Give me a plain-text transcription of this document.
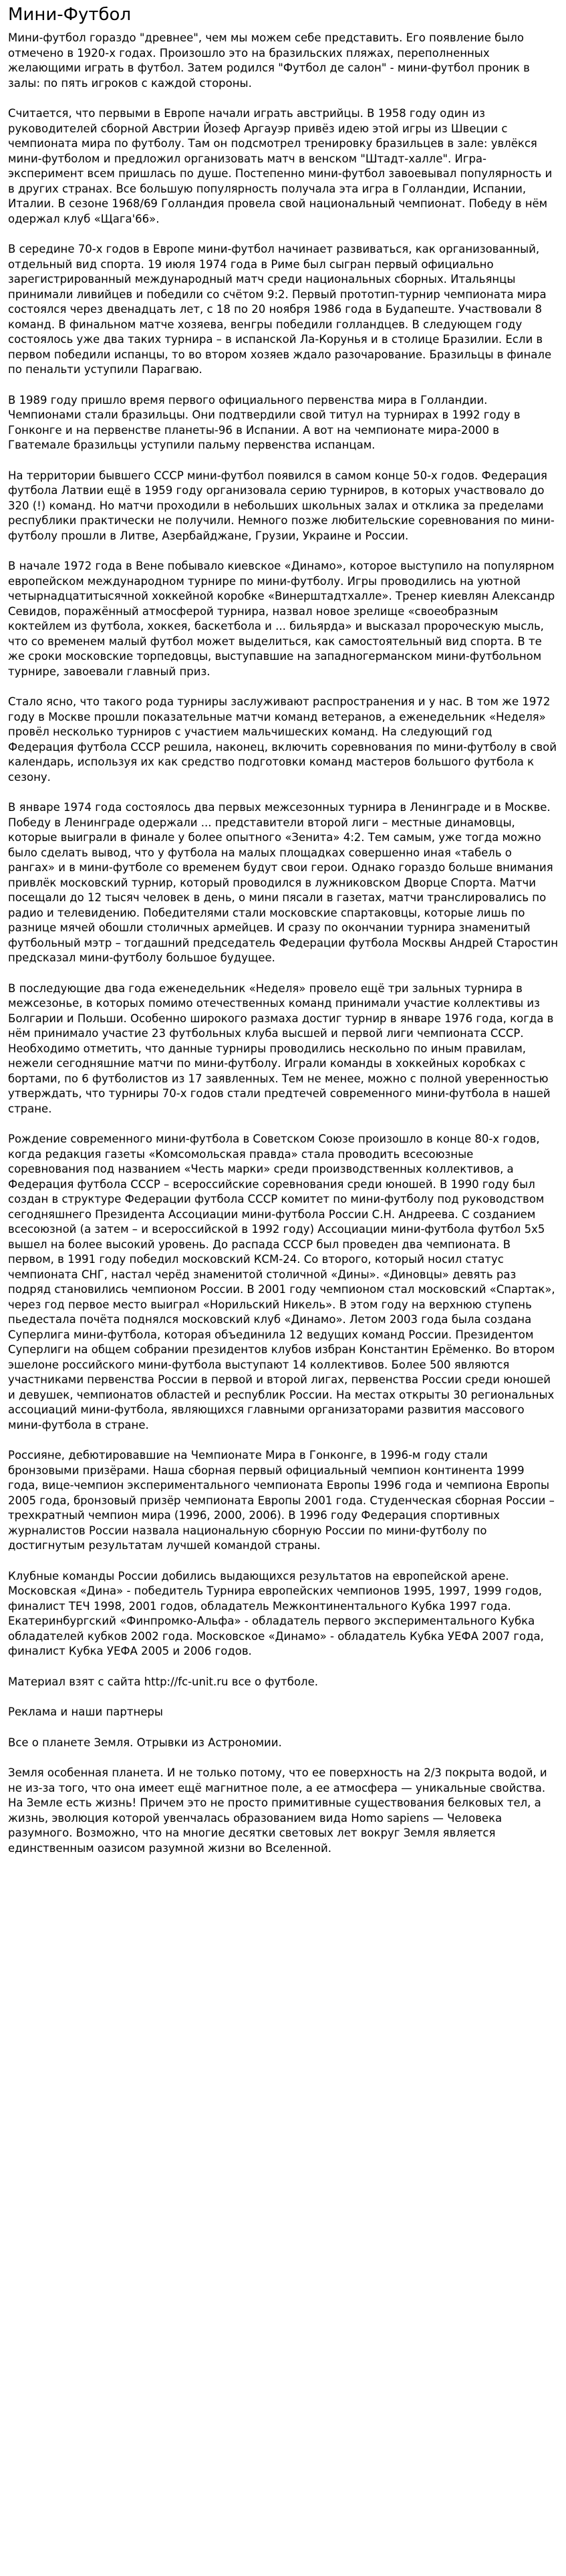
Мини-Футбол

Мини-футбол гораздо "древнее", чем мы можем себе представить. Его появление было отмечено в 1920-х годах. Произошло это на бразильских пляжах, переполненных желающими играть в футбол. Затем родился "Футбол де салон" - мини-футбол проник в залы: по пять игроков с каждой стороны.

Считается, что первыми в Европе начали играть австрийцы. В 1958 году один из руководителей сборной Австрии Йозеф Аргауэр привёз идею этой игры из Швеции с чемпионата мира по футболу. Там он подсмотрел тренировку бразильцев в зале: увлёкся мини-футболом и предложил организовать матч в венском "Штадт-халле". Игра-эксперимент всем пришлась по душе. Постепенно мини-футбол завоевывал популярность и в других странах. Все большую популярность получала эта игра в Голландии, Испании, Италии. В сезоне 1968/69 Голландия провела свой национальный чемпионат. Победу в нём одержал клуб «Щага'66».

В середине 70-х годов в Европе мини-футбол начинает развиваться, как организованный, отдельный вид спорта. 19 июля 1974 года в Риме был сыгран первый официально зарегистрированный международный матч среди национальных сборных. Итальянцы принимали ливийцев и победили со счётом 9:2. Первый прототип-турнир чемпионата мира состоялся через двенадцать лет, с 18 по 20 ноября 1986 года в Будапеште. Участвовали 8 команд. В финальном матче хозяева, венгры победили голландцев. В следующем году состоялось уже два таких турнира – в испанской Ла-Корунья и в столице Бразилии. Если в первом победили испанцы, то во втором хозяев ждало разочарование. Бразильцы в финале по пенальти уступили Парагваю.

В 1989 году пришло время первого официального первенства мира в Голландии. Чемпионами стали бразильцы. Они подтвердили свой титул на турнирах в 1992 году в Гонконге и на первенстве планеты-96 в Испании. А вот на чемпионате мира-2000 в Гватемале бразильцы уступили пальму первенства испанцам.

На территории бывшего СССР мини-футбол появился в самом конце 50-х годов. Федерация футбола Латвии ещё в 1959 году организовала серию турниров, в которых участвовало до 320 (!) команд. Но матчи проходили в небольших школьных залах и отклика за пределами республики практически не получили. Немного позже любительские соревнования по мини-футболу прошли в Литве, Азербайджане, Грузии, Украине и России.

В начале 1972 года в Вене побывало киевское «Динамо», которое выступило на популярном европейском международном турнире по мини-футболу. Игры проводились на уютной четырнадцатитысячной хоккейной коробке «Винерштадтхалле». Тренер киевлян Александр Севидов, поражённый атмосферой турнира, назвал новое зрелище «своеобразным коктейлем из футбола, хоккея, баскетбола и ... бильярда» и высказал пророческую мысль, что со временем малый футбол может выделиться, как самостоятельный вид спорта. В те же сроки московские торпедовцы, выступавшие на западногерманском мини-футбольном турнире, завоевали главный приз.

Стало ясно, что такого рода турниры заслуживают распространения и у нас. В том же 1972 году в Москве прошли показательные матчи команд ветеранов, а еженедельник «Неделя» провёл несколько турниров с участием мальчишеских команд. На следующий год Федерация футбола СССР решила, наконец, включить соревнования по мини-футболу в свой календарь, используя их как средство подготовки команд мастеров большого футбола к сезону.

В январе 1974 года состоялось два первых межсезонных турнира в Ленинграде и в Москве. Победу в Ленинграде одержали ... представители второй лиги – местные динамовцы, которые выиграли в финале у более опытного «Зенита» 4:2. Тем самым, уже тогда можно было сделать вывод, что у футбола на малых площадках совершенно иная «табель о рангах» и в мини-футболе со временем будут свои герои. Однако гораздо больше внимания привлёк московский турнир, который проводился в лужниковском Дворце Спорта. Матчи посещали до 12 тысяч человек в день, о мини пясали в газетах, матчи транслировались по радио и телевидению. Победителями стали московские спартаковцы, которые лишь по разнице мячей обошли столичных армейцев. И сразу по окончании турнира знаменитый футбольный мэтр – тогдашний председатель Федерации футбола Москвы Андрей Старостин предсказал мини-футболу большое будущее.

В последующие два года еженедельник «Неделя» провело ещё три зальных турнира в межсезонье, в которых помимо отечественных команд принимали участие коллективы из Болгарии и Польши. Особенно широкого размаха достиг турнир в январе 1976 года, когда в нём принимало участие 23 футбольных клуба высшей и первой лиги чемпионата СССР. Необходимо отметить, что данные турниры проводились нескольно по иным правилам, нежели сегодняшние матчи по мини-футболу. Играли команды в хоккейных коробках с бортами, по 6 футболистов из 17 заявленных. Тем не менее, можно с полной уверенностью утверждать, что турниры 70-х годов стали предтечей современного мини-футбола в нашей стране.

Рождение современного мини-футбола в Советском Союзе произошло в конце 80-х годов, когда редакция газеты «Комсомольская правда» стала проводить всесоюзные соревнования под названием «Честь марки» среди производственных коллективов, а Федерация футбола СССР – всероссийские соревнования среди юношей. В 1990 году был создан в структуре Федерации футбола СССР комитет по мини-футболу под руководством сегодняшнего Президента Ассоциации мини-футбола России С.Н. Андреева. С созданием всесоюзной (а затем – и всероссийской в 1992 году) Ассоциации мини-футбола футбол 5х5 вышел на более высокий уровень. До распада СССР был проведен два чемпионата. В первом, в 1991 году победил московский КСМ-24. Со второго, который носил статус чемпионата СНГ, настал черёд знаменитой столичной «Дины». «Диновцы» девять раз подряд становились чемпионом России. В 2001 году чемпионом стал московский «Спартак», через год первое место выиграл «Норильский Никель». В этом году на верхнюю ступень пьедестала почёта поднялся московский клуб «Динамо». Летом 2003 года была создана Суперлига мини-футбола, которая объединила 12 ведущих команд России. Президентом Суперлиги на общем собрании президентов клубов избран Константин Ерёменко. Во втором эшелоне российского мини-футбола выступают 14 коллективов. Более 500 являются участниками первенства России в первой и второй лигах, первенства России среди юношей и девушек, чемпионатов областей и республик России. На местах открыты 30 региональных ассоциаций мини-футбола, являющихся главными организаторами развития массового мини-футбола в стране.

Россияне, дебютировавшие на Чемпионате Мира в Гонконге, в 1996-м году стали бронзовыми призёрами. Наша сборная первый официальный чемпион континента 1999 года, вице-чемпион экспериментального чемпионата Европы 1996 года и чемпиона Европы 2005 года, бронзовый призёр чемпионата Европы 2001 года. Студенческая сборная России – трехкратный чемпион мира (1996, 2000, 2006). В 1996 году Федерация спортивных журналистов России назвала национальную сборную России по мини-футболу по достигнутым результатам лучшей командой страны.

Клубные команды России добились выдающихся результатов на европейской арене. Московская «Дина» - победитель Турнира европейских чемпионов 1995, 1997, 1999 годов, финалист ТЕЧ 1998, 2001 годов, обладатель Межконтинентального Кубка 1997 года. Екатеринбургский «Финпромко-Альфа» - обладатель первого экспериментального Кубка обладателей кубков 2002 года. Московское «Динамо» - обладатель Кубка УЕФА 2007 года, финалист Кубка УЕФА 2005 и 2006 годов.

Материал взят с сайта http://fc-unit.ru все о футболе.

Реклама и наши партнеры

Все о планете Земля. Отрывки из Астрономии.

Земля особенная планета. И не только потому, что ее поверхность на 2/3 покрыта водой, и не из-за того, что она имеет ещё магнитное поле, а ее атмосфера — уникальные свойства. На Земле есть жизнь! Причем это не просто примитивные существования белковых тел, а жизнь, эволюция которой увенчалась образованием вида Homo sapiens — Человека разумного. Возможно, что на многие десятки световых лет вокруг Земля является единственным оазисом разумной жизни во Вселенной.
